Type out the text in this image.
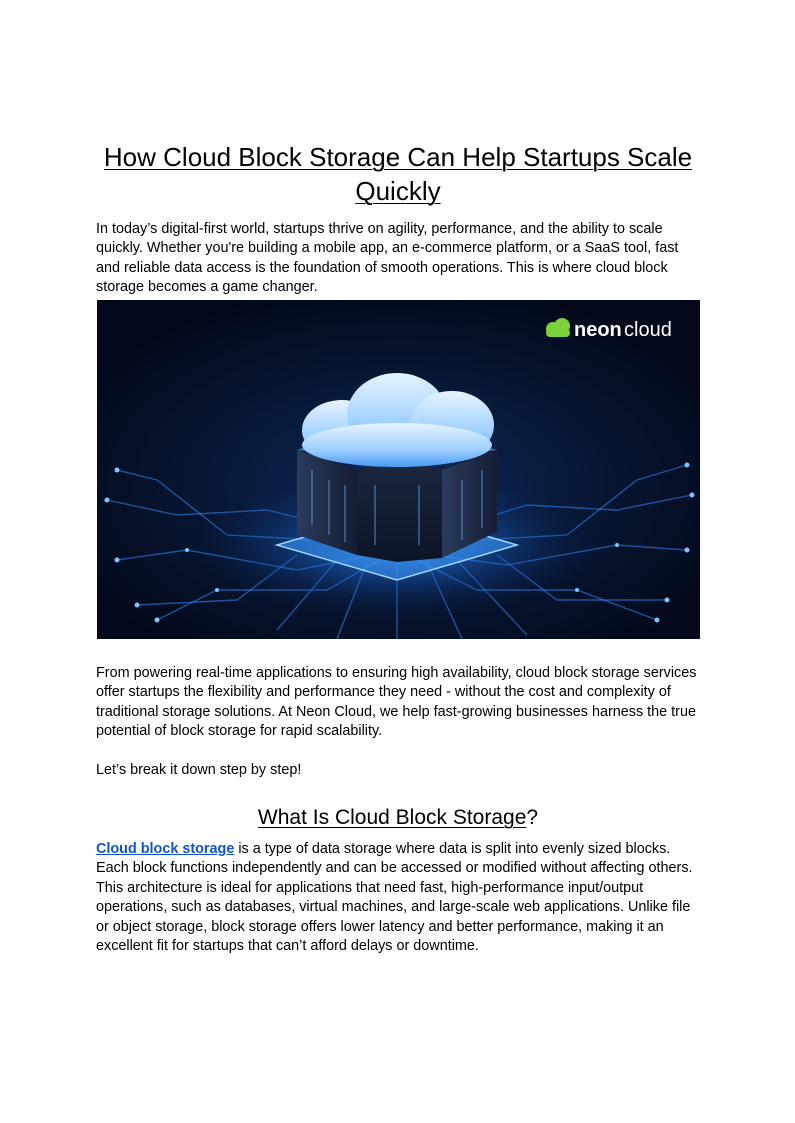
How Cloud Block Storage Can Help Startups Scale Quickly

In today’s digital-first world, startups thrive on agility, performance, and the ability to scale quickly. Whether you're building a mobile app, an e-commerce platform, or a SaaS tool, fast and reliable data access is the foundation of smooth operations. This is where cloud block storage becomes a game changer.

neon cloud

From powering real-time applications to ensuring high availability, cloud block storage services offer startups the flexibility and performance they need - without the cost and complexity of traditional storage solutions. At Neon Cloud, we help fast-growing businesses harness the true potential of block storage for rapid scalability.

Let’s break it down step by step!

What Is Cloud Block Storage?

Cloud block storage is a type of data storage where data is split into evenly sized blocks. Each block functions independently and can be accessed or modified without affecting others. This architecture is ideal for applications that need fast, high-performance input/output operations, such as databases, virtual machines, and large-scale web applications. Unlike file or object storage, block storage offers lower latency and better performance, making it an excellent fit for startups that can’t afford delays or downtime.
